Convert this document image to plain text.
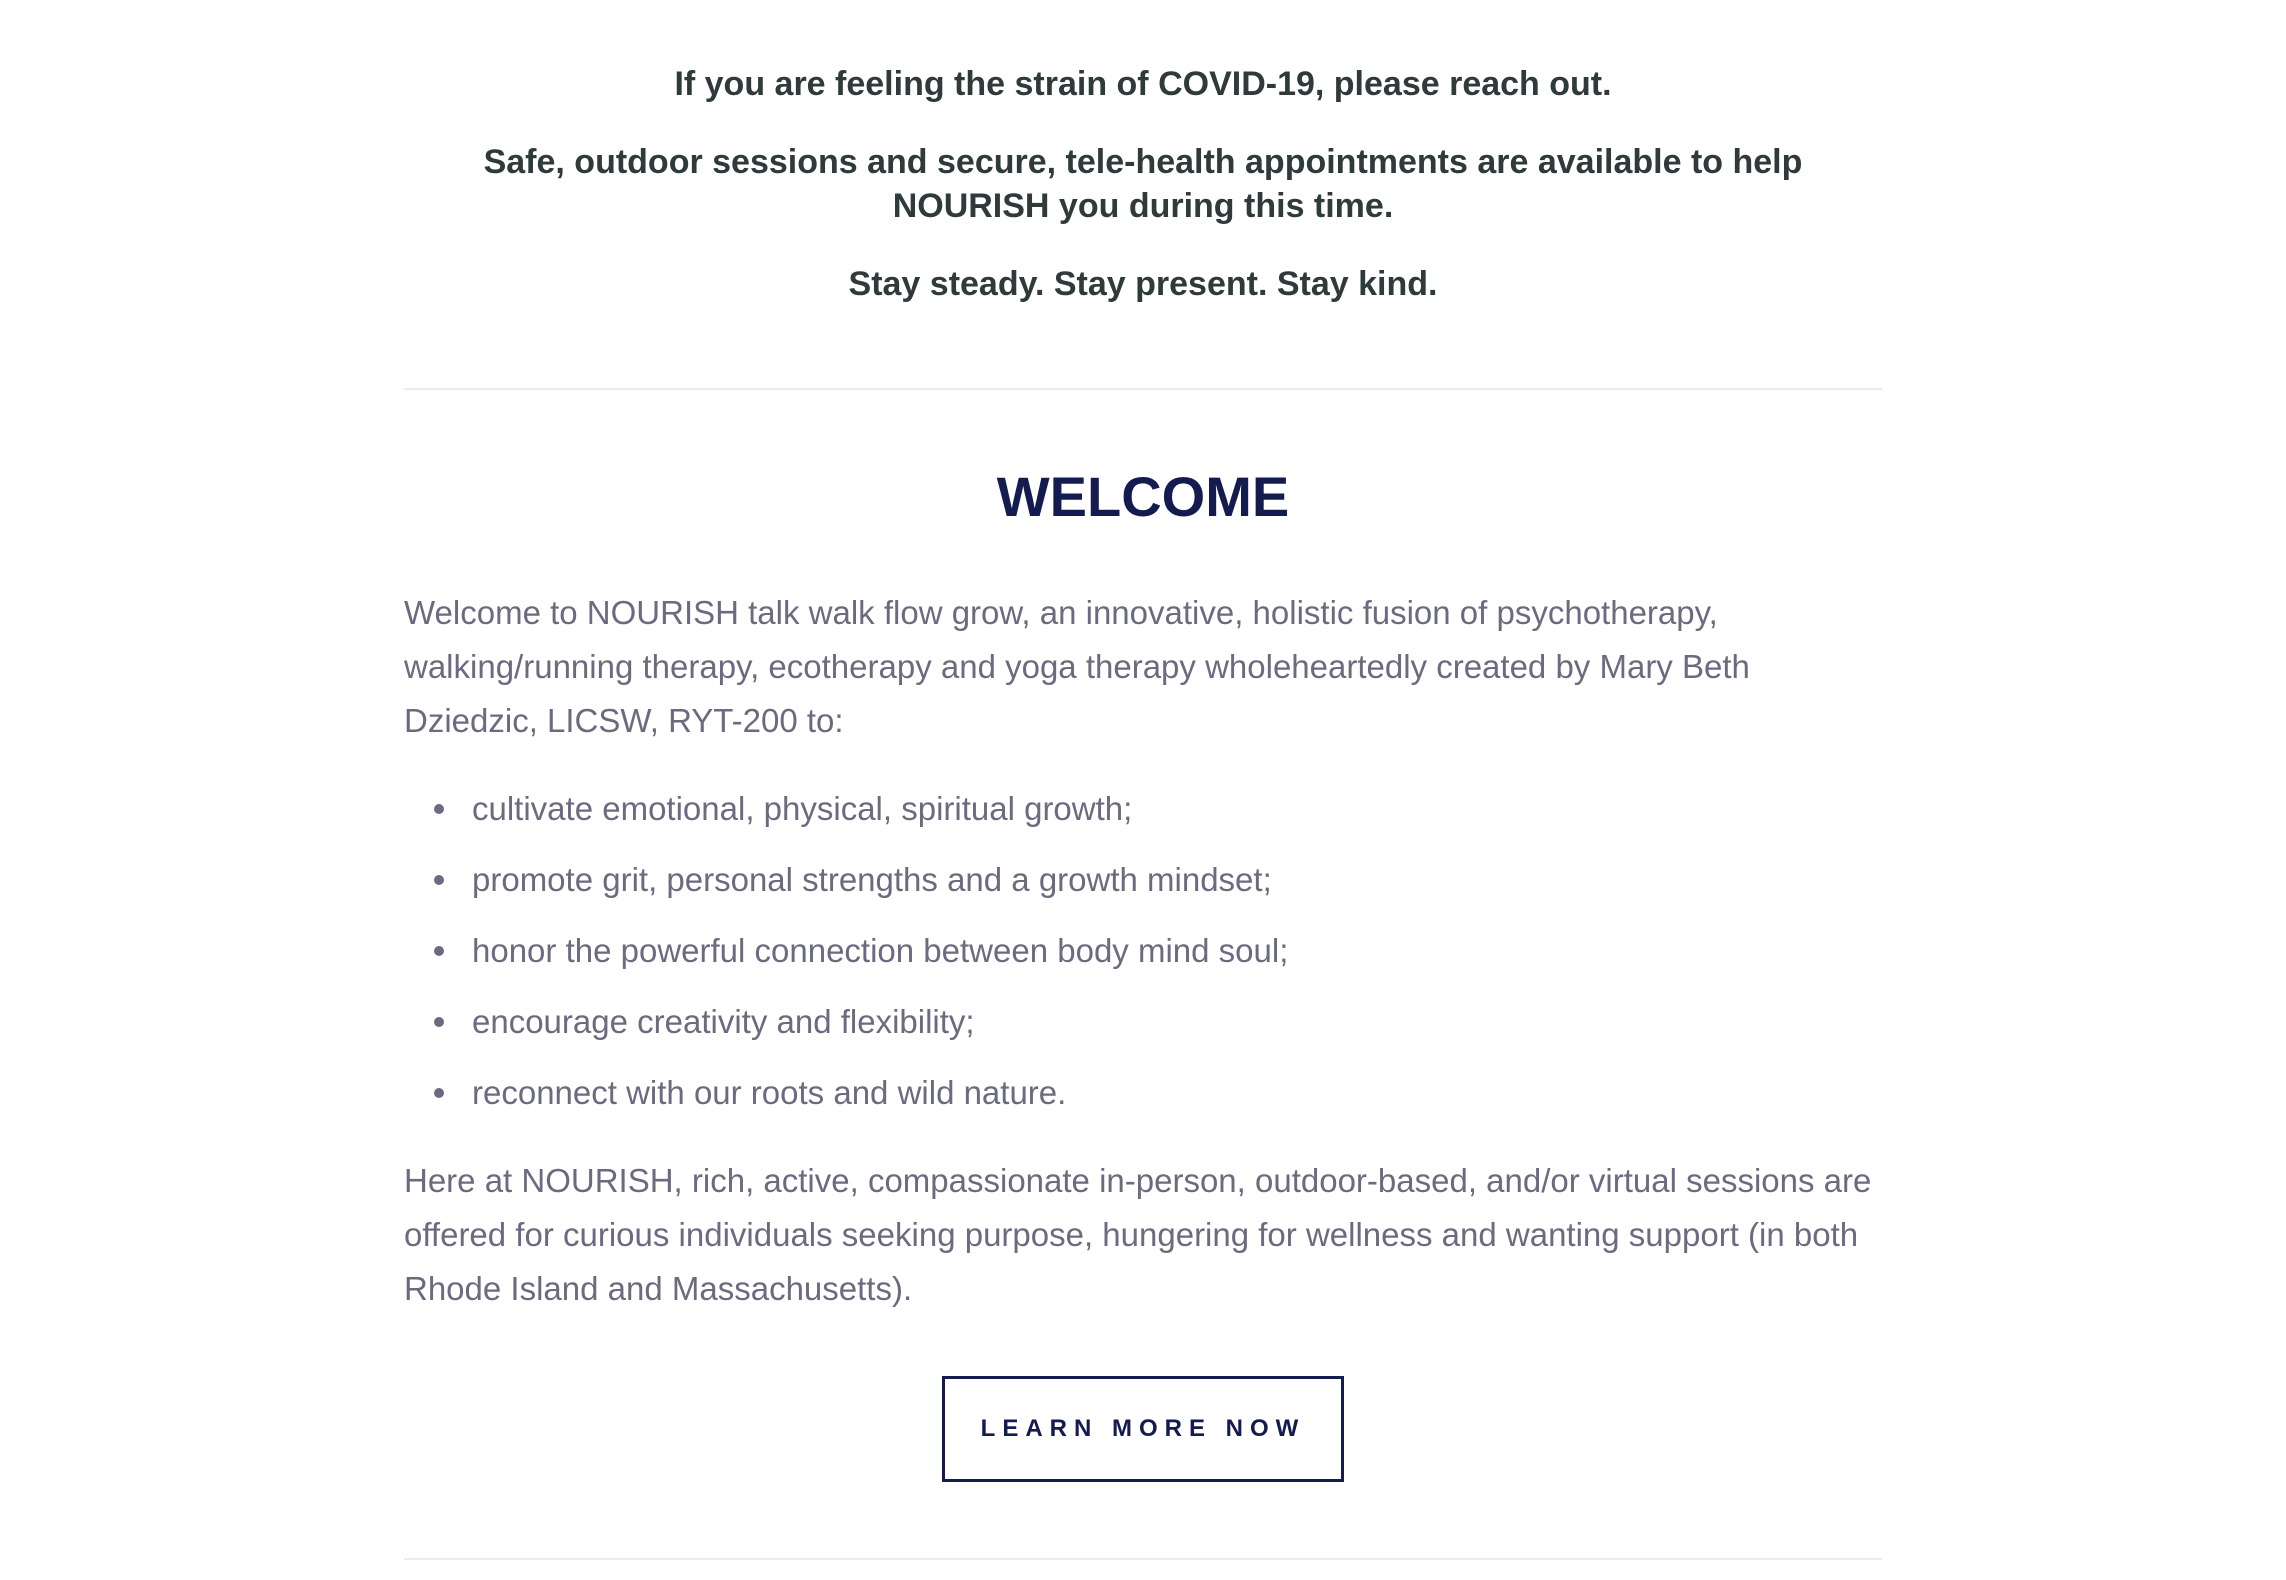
If you are feeling the strain of COVID-19, please reach out.

Safe, outdoor sessions and secure, tele-health appointments are available to help NOURISH you during this time.

Stay steady. Stay present. Stay kind.

WELCOME

Welcome to NOURISH talk walk flow grow, an innovative, holistic fusion of psychotherapy, walking/running therapy, ecotherapy and yoga therapy wholeheartedly created by Mary Beth Dziedzic, LICSW, RYT-200 to:

cultivate emotional, physical, spiritual growth;
promote grit, personal strengths and a growth mindset;
honor the powerful connection between body mind soul;
encourage creativity and flexibility;
reconnect with our roots and wild nature.

Here at NOURISH, rich, active, compassionate in-person, outdoor-based, and/or virtual sessions are offered for curious individuals seeking purpose, hungering for wellness and wanting support (in both Rhode Island and Massachusetts).

LEARN MORE NOW
